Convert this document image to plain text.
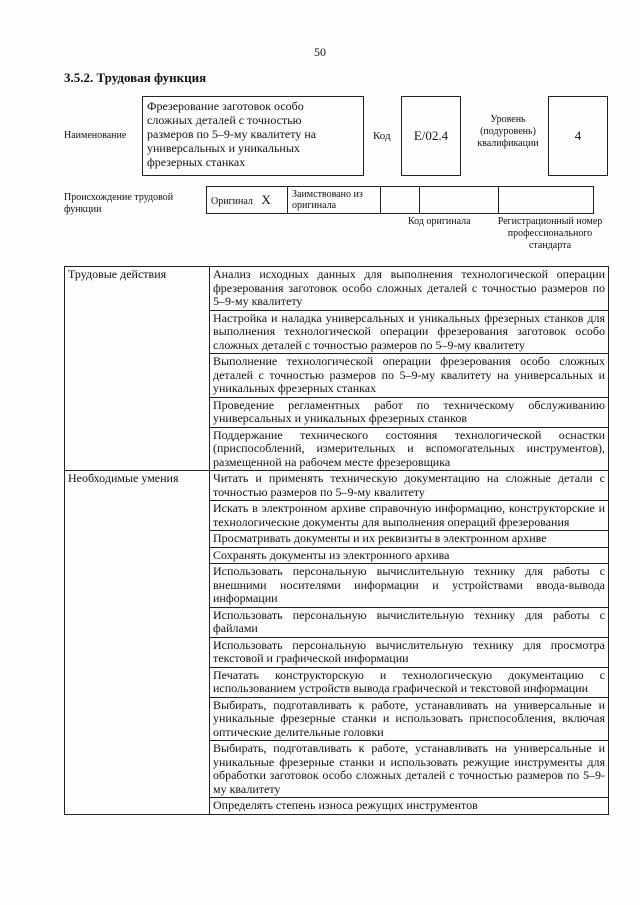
50
3.5.2. Трудовая функция
Наименование
Фрезерование заготовок особо
сложных деталей с точностью
размеров по 5–9-му квалитету на
универсальных и уникальных
фрезерных станках
Код	E/02.4
Уровень
(подуровень)
квалификации
4
Происхождение трудовой
функции
Оригинал X	Заимствовано из
оригинала

Код оригинала	Регистрационный номер
профессионального
стандарта
Трудовые действия	Анализ исходных данных для выполнения технологической операции фрезерования заготовок особо сложных деталей с точностью размеров по 5–9-му квалитету
	Настройка и наладка универсальных и уникальных фрезерных станков для выполнения технологической операции фрезерования заготовок особо сложных деталей с точностью размеров по 5–9-му квалитету
	Выполнение технологической операции фрезерования особо сложных деталей с точностью размеров по 5–9-му квалитету на универсальных и уникальных фрезерных станках
	Проведение регламентных работ по техническому обслуживанию универсальных и уникальных фрезерных станков
	Поддержание технического состояния технологической оснастки (приспособлений, измерительных и вспомогательных инструментов), размещенной на рабочем месте фрезеровщика
Необходимые умения	Читать и применять техническую документацию на сложные детали с точностью размеров по 5–9-му квалитету
	Искать в электронном архиве справочную информацию, конструкторские и технологические документы для выполнения операций фрезерования
	Просматривать документы и их реквизиты в электронном архиве
	Сохранять документы из электронного архива
	Использовать персональную вычислительную технику для работы с внешними носителями информации и устройствами ввода-вывода информации
	Использовать персональную вычислительную технику для работы с файлами
	Использовать персональную вычислительную технику для просмотра текстовой и графической информации
	Печатать конструкторскую и технологическую документацию с использованием устройств вывода графической и текстовой информации
	Выбирать, подготавливать к работе, устанавливать на универсальные и уникальные фрезерные станки и использовать приспособления, включая оптические делительные головки
	Выбирать, подготавливать к работе, устанавливать на универсальные и уникальные фрезерные станки и использовать режущие инструменты для обработки заготовок особо сложных деталей с точностью размеров по 5–9-му квалитету
	Определять степень износа режущих инструментов
